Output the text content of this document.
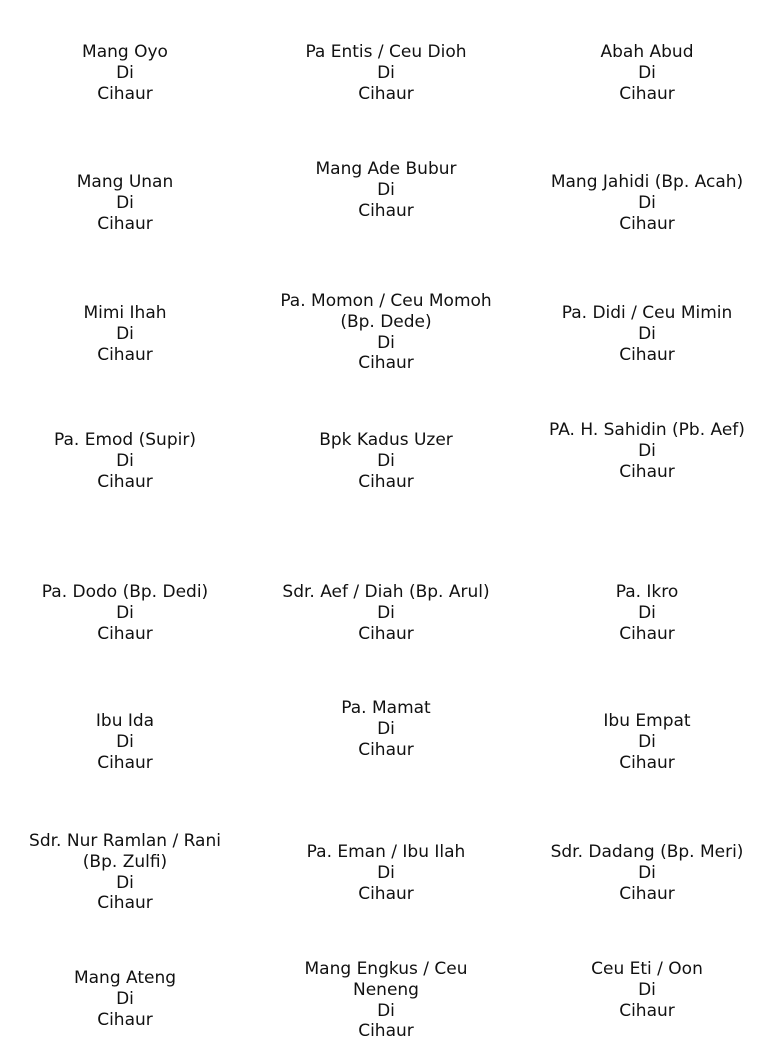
Mang Oyo
Di
Cihaur
Pa Entis / Ceu Dioh
Di
Cihaur
Abah Abud
Di
Cihaur
Mang Unan
Di
Cihaur
Mang Ade Bubur
Di
Cihaur
Mang Jahidi (Bp. Acah)
Di
Cihaur
Mimi Ihah
Di
Cihaur
Pa. Momon / Ceu Momoh
(Bp. Dede)
Di
Cihaur
Pa. Didi / Ceu Mimin
Di
Cihaur
Pa. Emod (Supir)
Di
Cihaur
Bpk Kadus Uzer
Di
Cihaur
PA. H. Sahidin (Pb. Aef)
Di
Cihaur
Pa. Dodo (Bp. Dedi)
Di
Cihaur
Sdr. Aef / Diah (Bp. Arul)
Di
Cihaur
Pa. Ikro
Di
Cihaur
Ibu Ida
Di
Cihaur
Pa. Mamat
Di
Cihaur
Ibu Empat
Di
Cihaur
Sdr. Nur Ramlan / Rani
(Bp. Zulfi)
Di
Cihaur
Pa. Eman / Ibu Ilah
Di
Cihaur
Sdr. Dadang (Bp. Meri)
Di
Cihaur
Mang Ateng
Di
Cihaur
Mang Engkus / Ceu
Neneng
Di
Cihaur
Ceu Eti / Oon
Di
Cihaur
